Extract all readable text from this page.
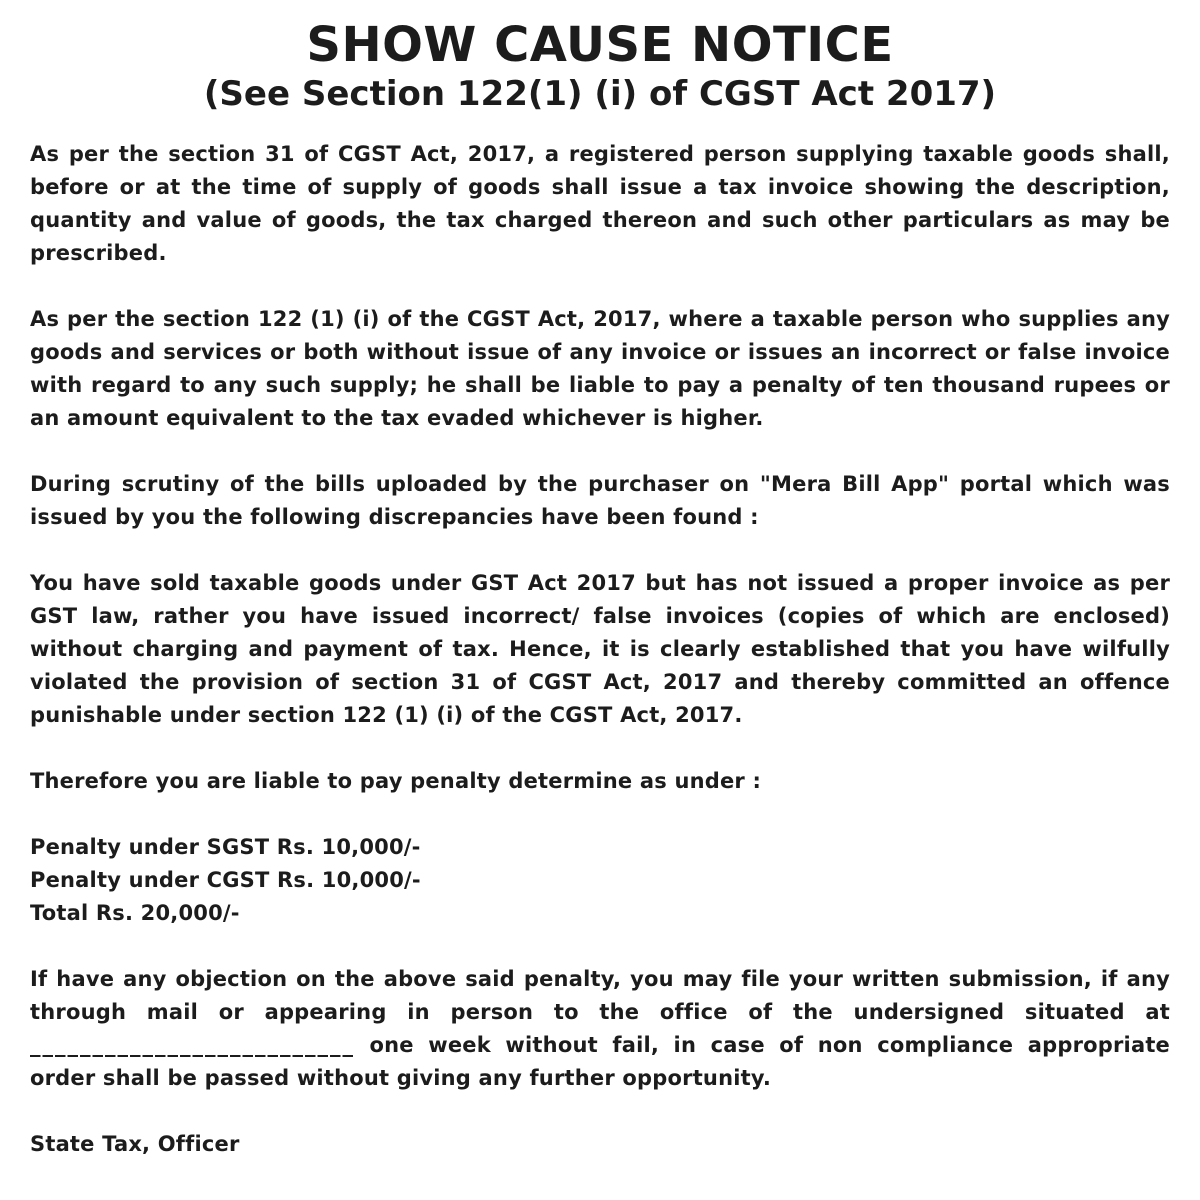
SHOW CAUSE NOTICE
(See Section 122(1) (i) of CGST Act 2017)

As per the section 31 of CGST Act, 2017, a registered person supplying taxable goods shall, before or at the time of supply of goods shall issue a tax invoice showing the description, quantity and value of goods, the tax charged thereon and such other particulars as may be prescribed.

As per the section 122 (1) (i) of the CGST Act, 2017, where a taxable person who supplies any goods and services or both without issue of any invoice or issues an incorrect or false invoice with regard to any such supply; he shall be liable to pay a penalty of ten thousand rupees or an amount equivalent to the tax evaded whichever is higher.

During scrutiny of the bills uploaded by the purchaser on "Mera Bill App" portal which was issued by you the following discrepancies have been found :

You have sold taxable goods under GST Act 2017 but has not issued a proper invoice as per GST law, rather you have issued incorrect/ false invoices (copies of which are enclosed) without charging and payment of tax. Hence, it is clearly established that you have wilfully violated the provision of section 31 of CGST Act, 2017 and thereby committed an offence punishable under section 122 (1) (i) of the CGST Act, 2017.

Therefore you are liable to pay penalty determine as under :

Penalty under SGST Rs. 10,000/-
Penalty under CGST Rs. 10,000/-
Total Rs. 20,000/-

If have any objection on the above said penalty, you may file your written submission, if any through mail or appearing in person to the office of the undersigned situated at __________________________ one week without fail, in case of non compliance appropriate order shall be passed without giving any further opportunity.

State Tax, Officer
